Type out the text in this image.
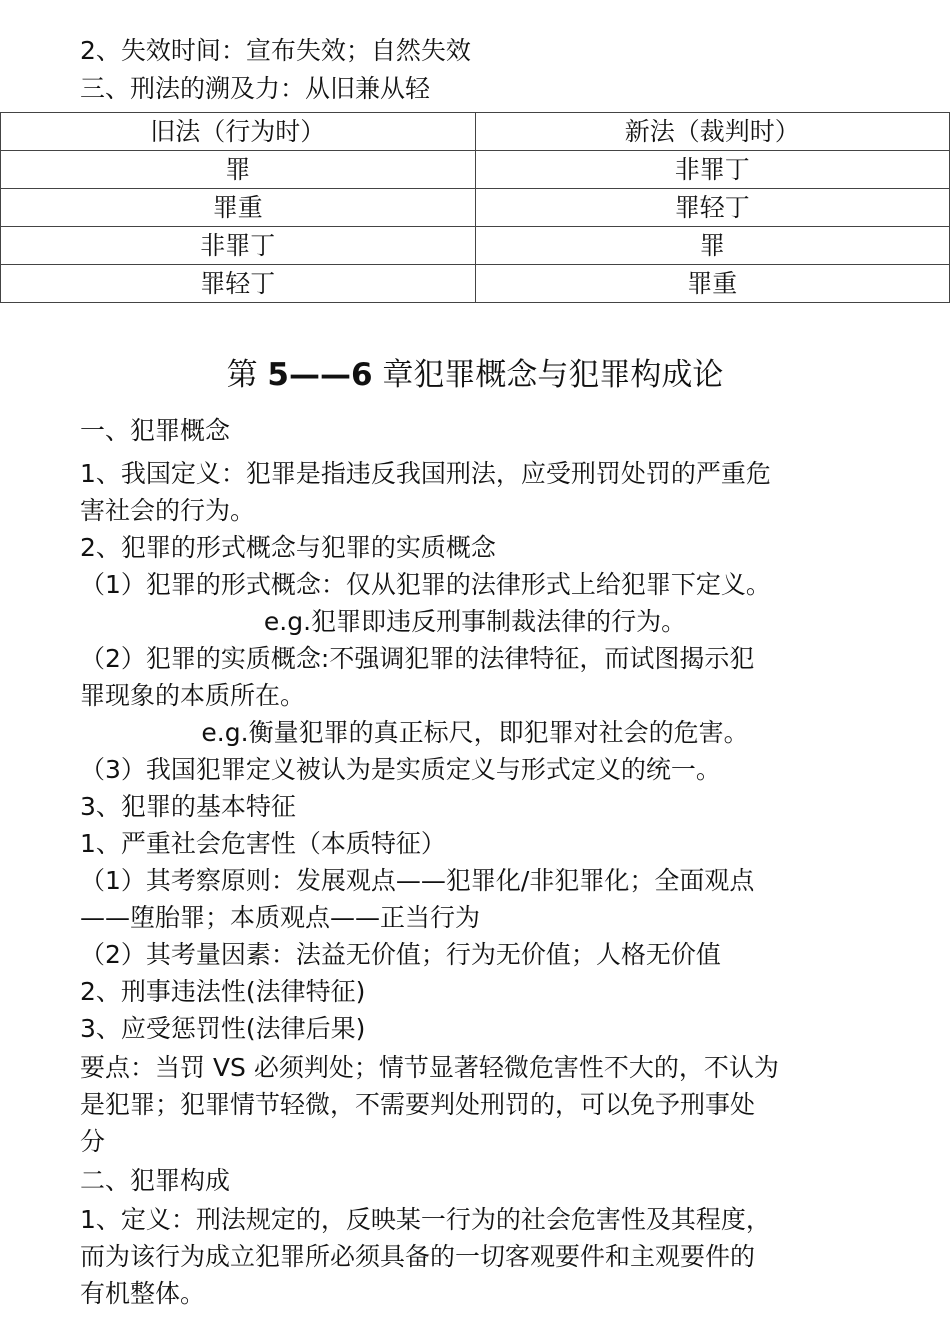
2、失效时间：宣布失效；自然失效
三、刑法的溯及力：从旧兼从轻
旧法（行为时）	新法（裁判时）
罪	非罪丁
罪重	罪轻丁
非罪丁	罪
罪轻丁	罪重
第 5——6 章犯罪概念与犯罪构成论
一、犯罪概念
1、我国定义：犯罪是指违反我国刑法，应受刑罚处罚的严重危
害社会的行为。
2、犯罪的形式概念与犯罪的实质概念
（1）犯罪的形式概念：仅从犯罪的法律形式上给犯罪下定义。
e.g.犯罪即违反刑事制裁法律的行为。
（2）犯罪的实质概念:不强调犯罪的法律特征，而试图揭示犯
罪现象的本质所在。
e.g.衡量犯罪的真正标尺，即犯罪对社会的危害。
（3）我国犯罪定义被认为是实质定义与形式定义的统一。
3、犯罪的基本特征
1、严重社会危害性（本质特征）
（1）其考察原则：发展观点——犯罪化/非犯罪化；全面观点
——堕胎罪；本质观点——正当行为
（2）其考量因素：法益无价值；行为无价值；人格无价值
2、刑事违法性(法律特征)
3、应受惩罚性(法律后果)
要点：当罚 VS 必须判处；情节显著轻微危害性不大的，不认为
是犯罪；犯罪情节轻微，不需要判处刑罚的，可以免予刑事处
分
二、犯罪构成
1、定义：刑法规定的，反映某一行为的社会危害性及其程度，
而为该行为成立犯罪所必须具备的一切客观要件和主观要件的
有机整体。
